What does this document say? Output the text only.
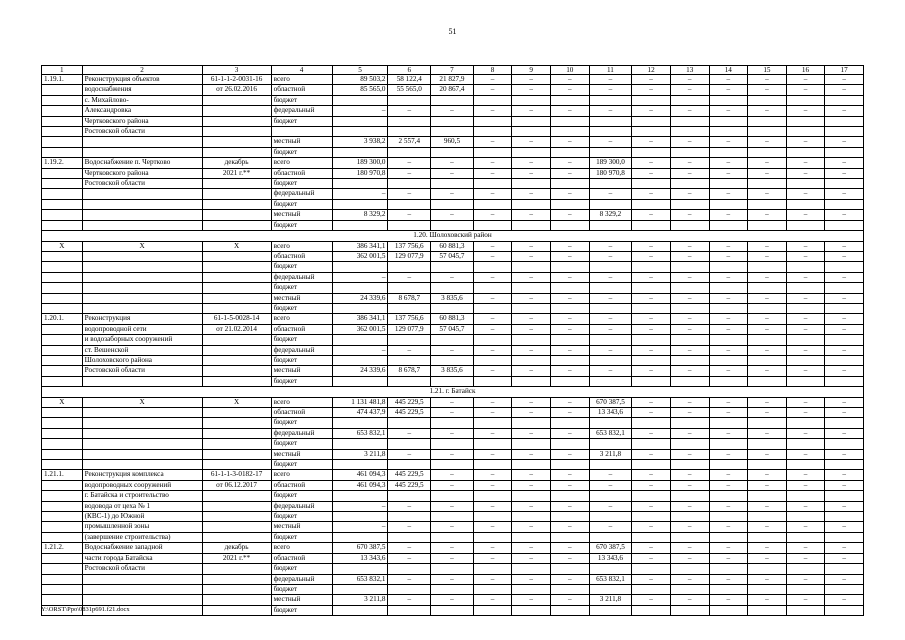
51
1	2	3	4	5	6	7	8	9	10	11	12	13	14	15	16	17
1.19.1.	Реконструкция объектов	61-1-1-2-0031-16	всего	89 503,2	58 122,4	21 827,9	–	–	–	–	–	–	–	–	–	–
	водоснабжения	от 26.02.2016	областной	85 565,0	55 565,0	20 867,4	–	–	–	–	–	–	–	–	–	–
	с. Михайлово-		бюджет													
	Александровка		федеральный	–	–	–	–	–	–	–	–	–	–	–	–	–
	Чертковского района		бюджет													
	Ростовской области															
			местный	3 938,2	2 557,4	960,5	–	–	–	–	–	–	–	–	–	–
			бюджет													
1.19.2.	Водоснабжение п. Чертково	декабрь	всего	189 300,0	–	–	–	–	–	189 300,0	–	–	–	–	–	–
	Чертковского района	2021 г.**	областной	180 970,8	–	–	–	–	–	180 970,8	–	–	–	–	–	–
	Ростовской области		бюджет													
			федеральный	–	–	–	–	–	–	–	–	–	–	–	–	–
			бюджет													
			местный	8 329,2	–	–	–	–	–	8 329,2	–	–	–	–	–	–
			бюджет													
1.20. Шолоховский район																
Х	Х	Х	всего	386 341,1	137 756,6	60 881,3	–	–	–	–	–	–	–	–	–	–
			областной	362 001,5	129 077,9	57 045,7	–	–	–	–	–	–	–	–	–	–
			бюджет													
			федеральный	–	–	–	–	–	–	–	–	–	–	–	–	–
			бюджет													
			местный	24 339,6	8 678,7	3 835,6	–	–	–	–	–	–	–	–	–	–
			бюджет													
1.20.1.	Реконструкция	61-1-5-0028-14	всего	386 341,1	137 756,6	60 881,3	–	–	–	–	–	–	–	–	–	–
	водопроводной сети	от 21.02.2014	областной	362 001,5	129 077,9	57 045,7	–	–	–	–	–	–	–	–	–	–
	и водозаборных сооружений		бюджет													
	ст. Вешенской		федеральный	–	–	–	–	–	–	–	–	–	–	–	–	–
	Шолоховского района		бюджет													
	Ростовской области		местный	24 339,6	8 678,7	3 835,6	–	–	–	–	–	–	–	–	–	–
			бюджет													
1.21. г. Батайск																
Х	Х	Х	всего	1 131 481,8	445 229,5	–	–	–	–	670 387,5	–	–	–	–	–	–
			областной	474 437,9	445 229,5	–	–	–	–	13 343,6	–	–	–	–	–	–
			бюджет													
			федеральный	653 832,1	–	–	–	–	–	653 832,1	–	–	–	–	–	–
			бюджет													
			местный	3 211,8	–	–	–	–	–	3 211,8	–	–	–	–	–	–
			бюджет													
1.21.1.	Реконструкция комплекса	61-1-1-3-0182-17	всего	461 094,3	445 229,5	–	–	–	–	–	–	–	–	–	–	–
	водопроводных сооружений	от 06.12.2017	областной	461 094,3	445 229,5	–	–	–	–	–	–	–	–	–	–	–
	г. Батайска и строительство		бюджет													
	водовода от цеха № 1		федеральный	–	–	–	–	–	–	–	–	–	–	–	–	–
	(КВС-1) до Южной		бюджет													
	промышленной зоны		местный	–	–	–	–	–	–	–	–	–	–	–	–	–
	(завершение строительства)		бюджет													
1.21.2.	Водоснабжение западной	декабрь	всего	670 387,5	–	–	–	–	–	670 387,5	–	–	–	–	–	–
	части города Батайска	2021 г.**	областной	13 343,6	–	–	–	–	–	13 343,6	–	–	–	–	–	–
	Ростовской области		бюджет													
			федеральный	653 832,1	–	–	–	–	–	653 832,1	–	–	–	–	–	–
			бюджет													
			местный	3 211,8	–	–	–	–	–	3 211,8	–	–	–	–	–	–
			бюджет													
Y:\ORST\Ppo\0831p691.f21.docx
